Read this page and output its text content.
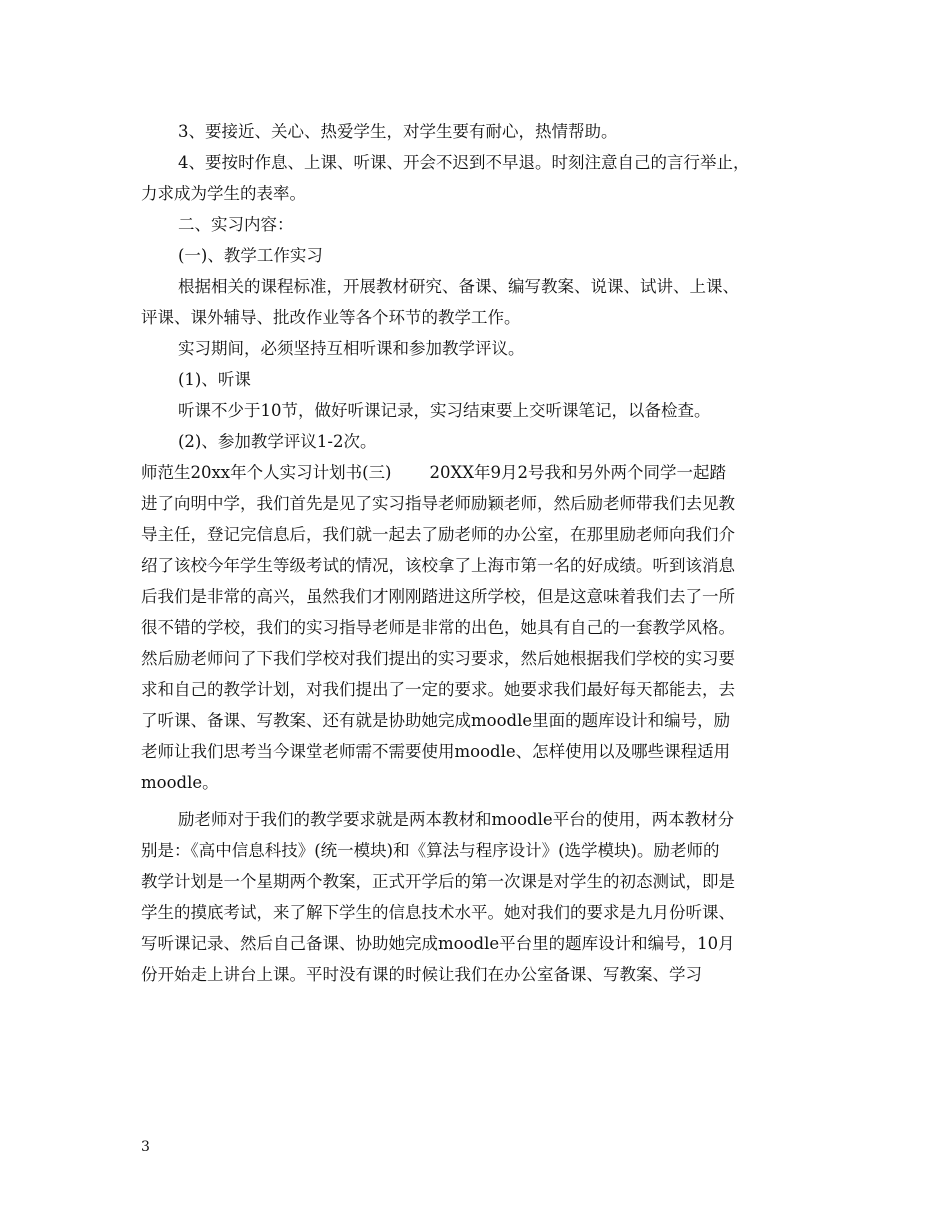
3、要接近、关心、热爱学生，对学生要有耐心，热情帮助。
4、要按时作息、上课、听课、开会不迟到不早退。时刻注意自己的言行举止，
力求成为学生的表率。
二、实习内容：
(一)、教学工作实习
根据相关的课程标准，开展教材研究、备课、编写教案、说课、试讲、上课、
评课、课外辅导、批改作业等各个环节的教学工作。
实习期间，必须坚持互相听课和参加教学评议。
(1)、听课
听课不少于10节，做好听课记录，实习结束要上交听课笔记，以备检查。
(2)、参加教学评议1-2次。
师范生20xx年个人实习计划书(三) 20XX年9月2号我和另外两个同学一起踏
进了向明中学，我们首先是见了实习指导老师励颖老师，然后励老师带我们去见教
导主任，登记完信息后，我们就一起去了励老师的办公室，在那里励老师向我们介
绍了该校今年学生等级考试的情况，该校拿了上海市第一名的好成绩。听到该消息
后我们是非常的高兴，虽然我们才刚刚踏进这所学校，但是这意味着我们去了一所
很不错的学校，我们的实习指导老师是非常的出色，她具有自己的一套教学风格。
然后励老师问了下我们学校对我们提出的实习要求，然后她根据我们学校的实习要
求和自己的教学计划，对我们提出了一定的要求。她要求我们最好每天都能去，去
了听课、备课、写教案、还有就是协助她完成moodle里面的题库设计和编号，励
老师让我们思考当今课堂老师需不需要使用moodle、怎样使用以及哪些课程适用
moodle。
励老师对于我们的教学要求就是两本教材和moodle平台的使用，两本教材分
别是：《高中信息科技》(统一模块)和《算法与程序设计》(选学模块)。励老师的
教学计划是一个星期两个教案，正式开学后的第一次课是对学生的初态测试，即是
学生的摸底考试，来了解下学生的信息技术水平。她对我们的要求是九月份听课、
写听课记录、然后自己备课、协助她完成moodle平台里的题库设计和编号，10月
份开始走上讲台上课。平时没有课的时候让我们在办公室备课、写教案、学习
3
